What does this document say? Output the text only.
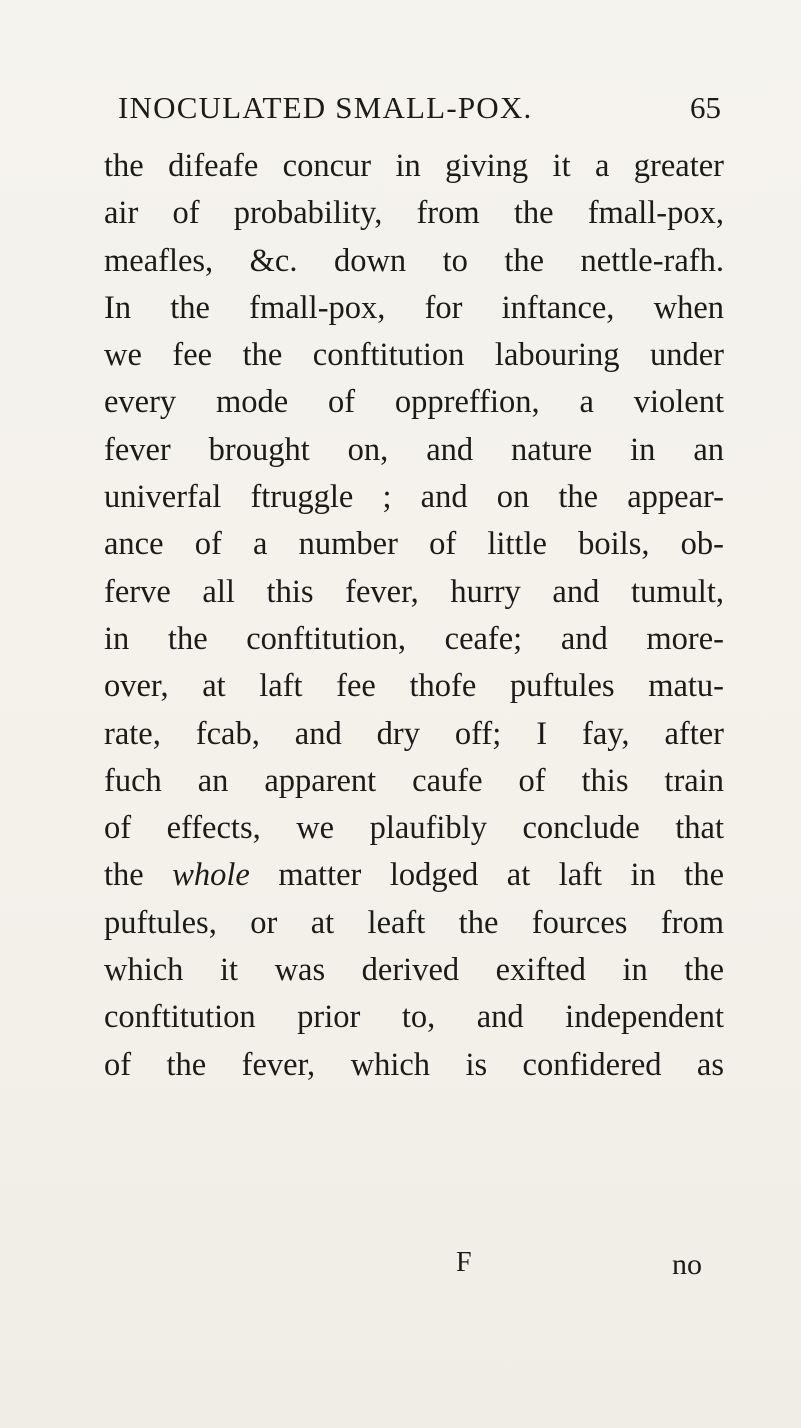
INOCULATED SMALL-POX.	65
the difeafe concur in giving it a greater
air of probability, from the fmall-pox,
meafles, &c. down to the nettle-rafh.
In the fmall-pox, for inftance, when
we fee the conftitution labouring under
every mode of oppreffion, a violent
fever brought on, and nature in an
univerfal ftruggle ; and on the appear-
ance of a number of little boils, ob-
ferve all this fever, hurry and tumult,
in the conftitution, ceafe; and more-
over, at laft fee thofe puftules matu-
rate, fcab, and dry off; I fay, after
fuch an apparent caufe of this train
of effects, we plaufibly conclude that
the whole matter lodged at laft in the
puftules, or at leaft the fources from
which it was derived exifted in the
conftitution prior to, and independent
of the fever, which is confidered as
F	no
